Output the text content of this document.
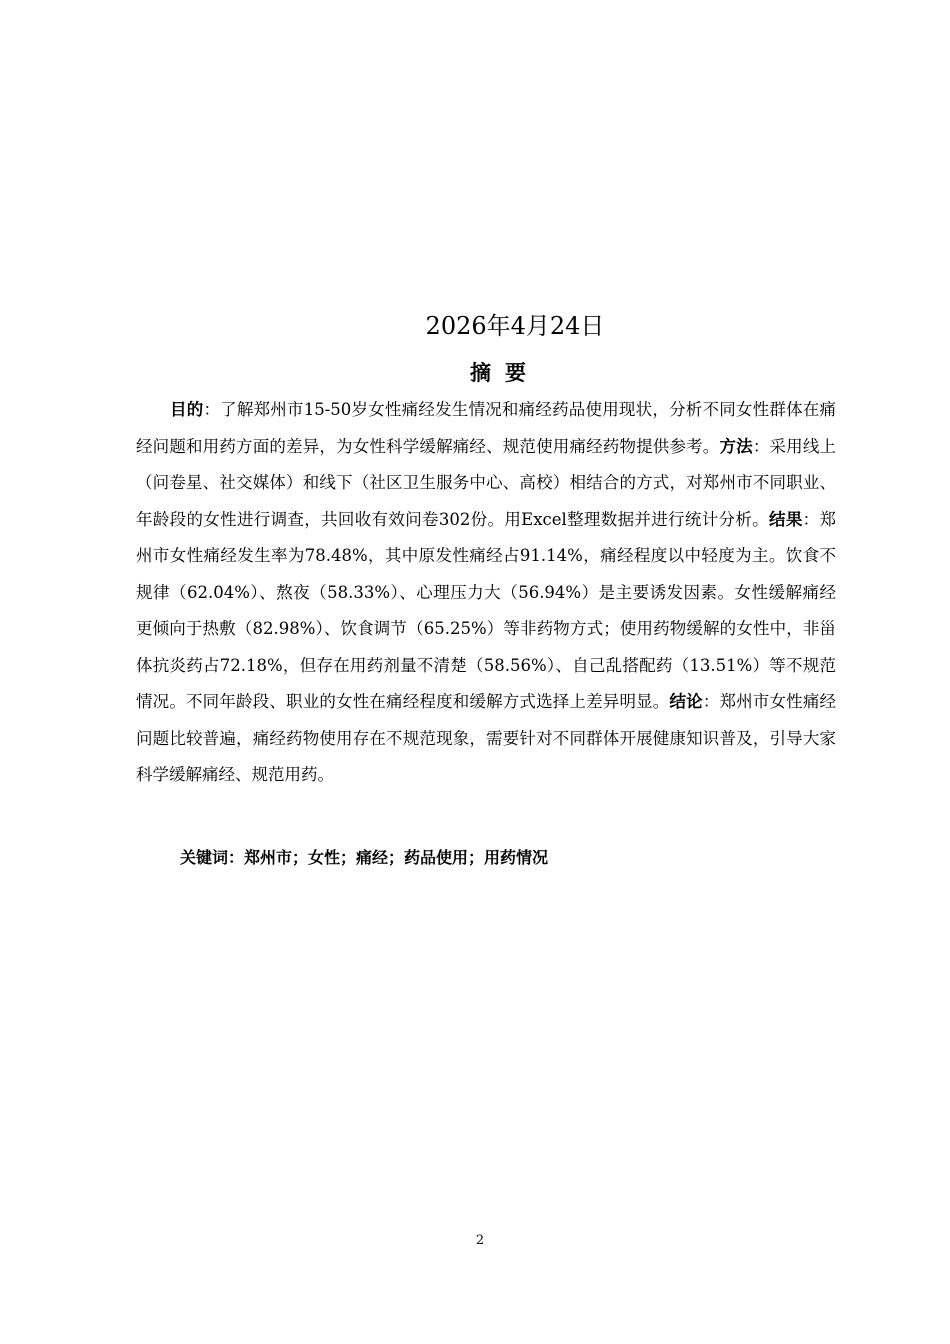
2026年4月24日
摘要

目的：了解郑州市15-50岁女性痛经发生情况和痛经药品使用现状，分析不同女性群体在痛经问题和用药方面的差异，为女性科学缓解痛经、规范使用痛经药物提供参考。方法：采用线上（问卷星、社交媒体）和线下（社区卫生服务中心、高校）相结合的方式，对郑州市不同职业、年龄段的女性进行调查，共回收有效问卷302份。用Excel整理数据并进行统计分析。结果：郑州市女性痛经发生率为78.48%，其中原发性痛经占91.14%，痛经程度以中轻度为主。饮食不规律（62.04%）、熬夜（58.33%）、心理压力大（56.94%）是主要诱发因素。女性缓解痛经更倾向于热敷（82.98%）、饮食调节（65.25%）等非药物方式；使用药物缓解的女性中，非甾体抗炎药占72.18%，但存在用药剂量不清楚（58.56%）、自己乱搭配药（13.51%）等不规范情况。不同年龄段、职业的女性在痛经程度和缓解方式选择上差异明显。结论：郑州市女性痛经问题比较普遍，痛经药物使用存在不规范现象，需要针对不同群体开展健康知识普及，引导大家科学缓解痛经、规范用药。

关键词：郑州市；女性；痛经；药品使用；用药情况

2
